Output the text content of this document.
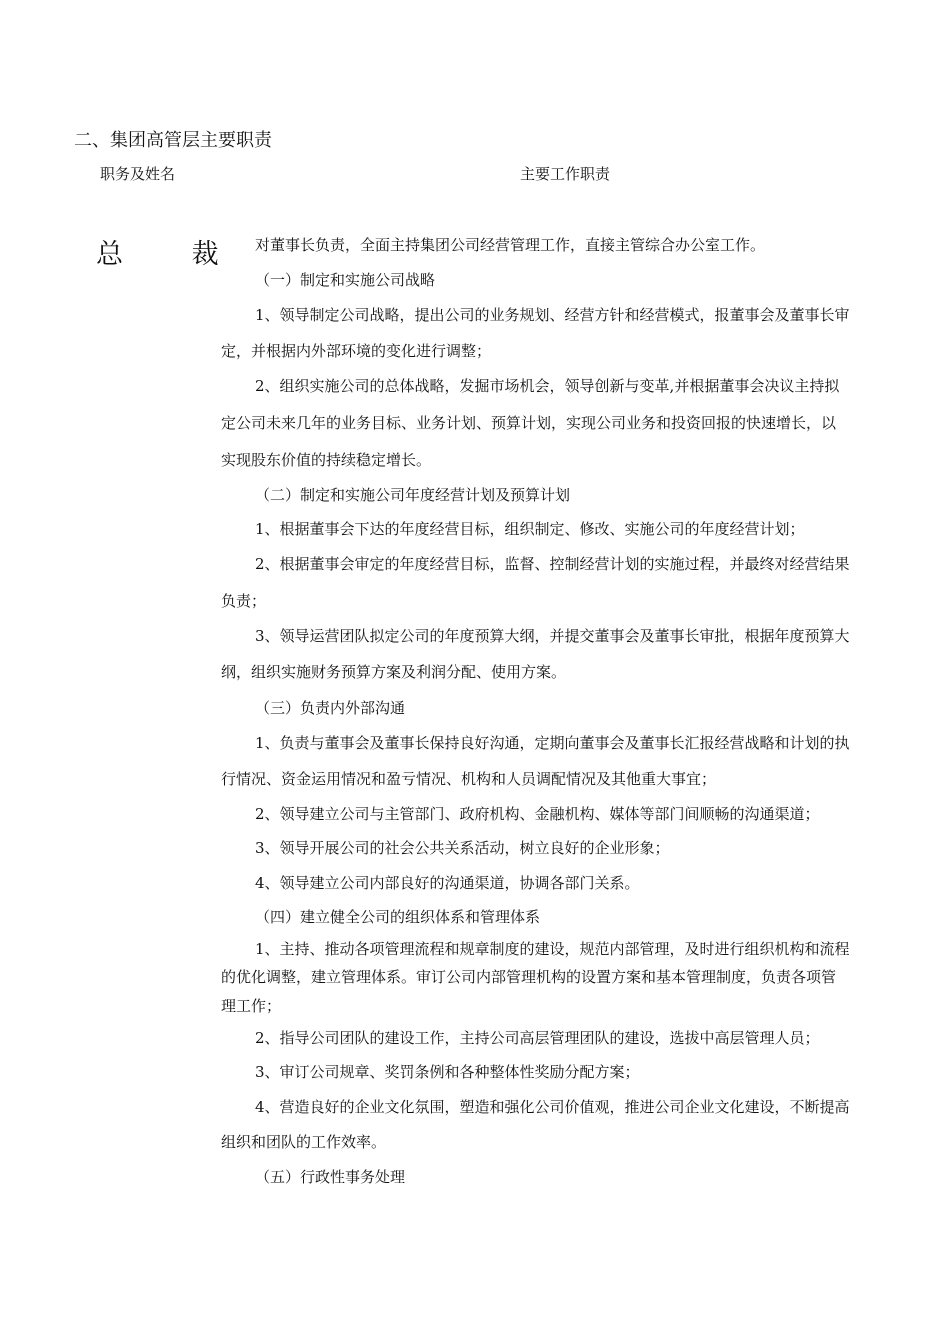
二、集团高管层主要职责
职务及姓名	主要工作职责
总 裁 对董事长负责，全面主持集团公司经营管理工作，直接主管综合办公室工作。
（一）制定和实施公司战略
1、领导制定公司战略，提出公司的业务规划、经营方针和经营模式，报董事会及董事长审
定，并根据内外部环境的变化进行调整；
2、组织实施公司的总体战略，发掘市场机会，领导创新与变革,并根据董事会决议主持拟
定公司未来几年的业务目标、业务计划、预算计划，实现公司业务和投资回报的快速增长，以
实现股东价值的持续稳定增长。
（二）制定和实施公司年度经营计划及预算计划
1、根据董事会下达的年度经营目标，组织制定、修改、实施公司的年度经营计划；
2、根据董事会审定的年度经营目标，监督、控制经营计划的实施过程，并最终对经营结果
负责；
3、领导运营团队拟定公司的年度预算大纲，并提交董事会及董事长审批，根据年度预算大
纲，组织实施财务预算方案及利润分配、使用方案。
（三）负责内外部沟通
1、负责与董事会及董事长保持良好沟通，定期向董事会及董事长汇报经营战略和计划的执
行情况、资金运用情况和盈亏情况、机构和人员调配情况及其他重大事宜；
2、领导建立公司与主管部门、政府机构、金融机构、媒体等部门间顺畅的沟通渠道；
3、领导开展公司的社会公共关系活动，树立良好的企业形象；
4、领导建立公司内部良好的沟通渠道，协调各部门关系。
（四）建立健全公司的组织体系和管理体系
1、主持、推动各项管理流程和规章制度的建设，规范内部管理，及时进行组织机构和流程
的优化调整，建立管理体系。审订公司内部管理机构的设置方案和基本管理制度，负责各项管
理工作；
2、指导公司团队的建设工作，主持公司高层管理团队的建设，选拔中高层管理人员；
3、审订公司规章、奖罚条例和各种整体性奖励分配方案；
4、营造良好的企业文化氛围，塑造和强化公司价值观，推进公司企业文化建设，不断提高
组织和团队的工作效率。
（五）行政性事务处理
